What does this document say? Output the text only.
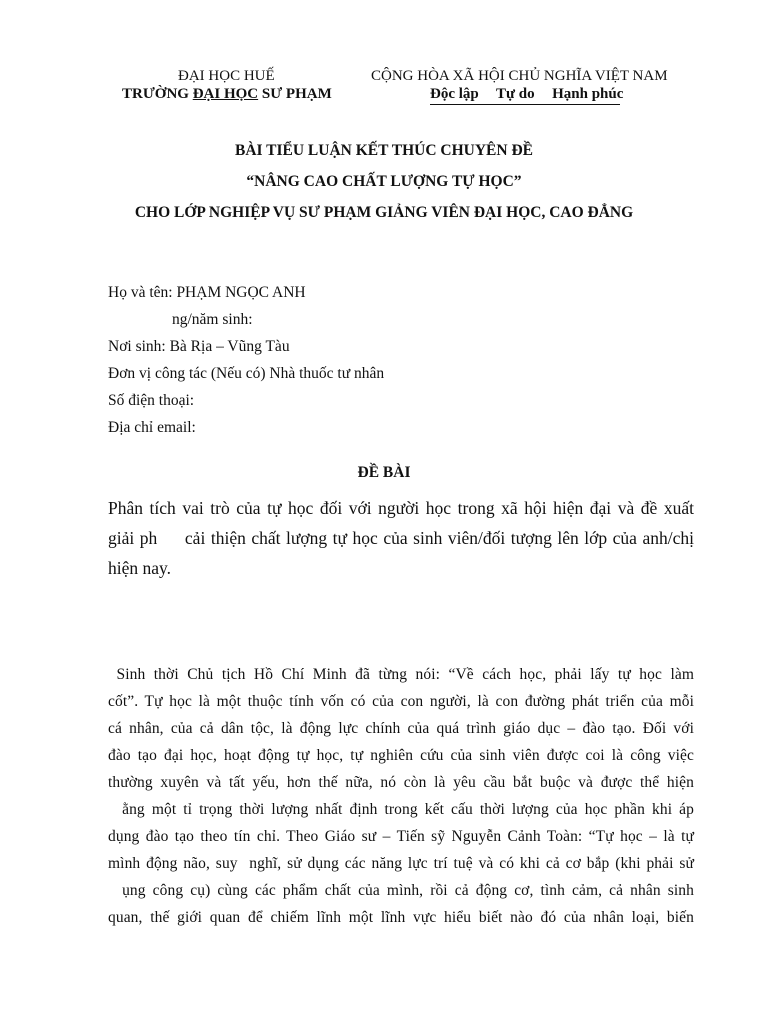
ĐẠI HỌC HUẾ
TRƯỜNG ĐẠI HỌC SƯ PHẠM
CỘNG HÒA XÃ HỘI CHỦ NGHĨA VIỆT NAM
Độc lập Tự do Hạnh phúc
BÀI TIỂU LUẬN KẾT THÚC CHUYÊN ĐỀ
“NÂNG CAO CHẤT LƯỢNG TỰ HỌC”
CHO LỚP NGHIỆP VỤ SƯ PHẠM GIẢNG VIÊN ĐẠI HỌC, CAO ĐẲNG
Họ và tên: PHẠM NGỌC ANH
ng/năm sinh:
Nơi sinh: Bà Rịa – Vũng Tàu
Đơn vị công tác (Nếu có) Nhà thuốc tư nhân
Số điện thoại:
Địa chỉ email:
ĐỀ BÀI
Phân tích vai trò của tự học đối với người học trong xã hội hiện đại và đề xuất
giải ph     cải thiện chất lượng tự học của sinh viên/đối tượng lên lớp của anh/chị
hiện nay.
Sinh thời Chủ tịch Hồ Chí Minh đã từng nói: “Về cách học, phải lấy tự học làm
cốt”. Tự học là một thuộc tính vốn có của con người, là con đường phát triển của mỗi
cá nhân, của cả dân tộc, là động lực chính của quá trình giáo dục – đào tạo. Đối với
đào tạo đại học, hoạt động tự học, tự nghiên cứu của sinh viên được coi là công việc
thường xuyên và tất yếu, hơn thế nữa, nó còn là yêu cầu bắt buộc và được thể hiện
ằng một tỉ trọng thời lượng nhất định trong kết cấu thời lượng của học phần khi áp
dụng đào tạo theo tín chỉ. Theo Giáo sư – Tiến sỹ Nguyễn Cảnh Toàn: “Tự học – là tự
mình động não, suy  nghĩ, sử dụng các năng lực trí tuệ và có khi cả cơ bắp (khi phải sử
ụng công cụ) cùng các phẩm chất của mình, rồi cả động cơ, tình cảm, cả nhân sinh
quan, thế giới quan để chiếm lĩnh một lĩnh vực hiểu biết nào đó của nhân loại, biến
